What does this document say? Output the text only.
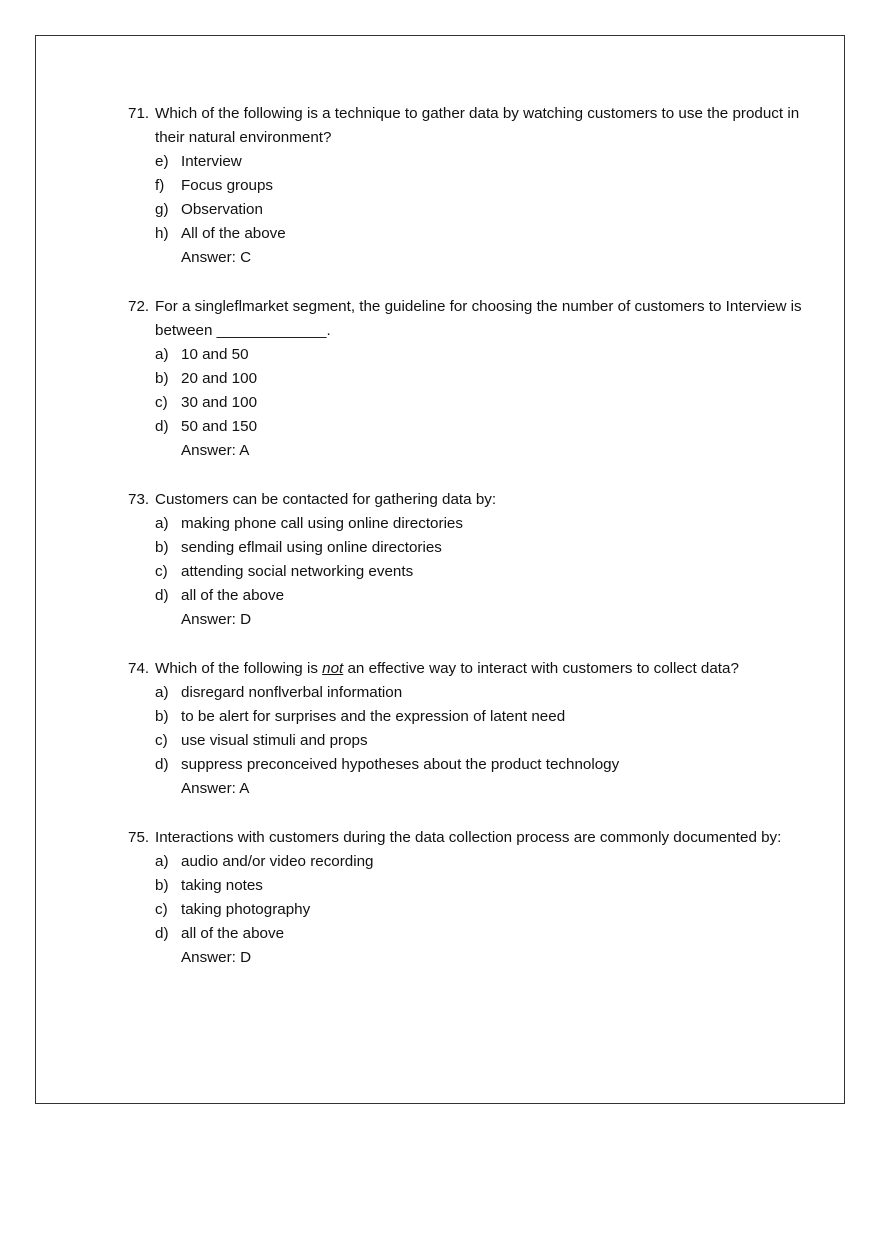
71. Which of the following is a technique to gather data by watching customers to use the product in their natural environment?
e) Interview
f) Focus groups
g) Observation
h) All of the above
Answer: C
72. For a singleflmarket segment, the guideline for choosing the number of customers to Interview is between _____________.
a) 10 and 50
b) 20 and 100
c) 30 and 100
d) 50 and 150
Answer: A
73. Customers can be contacted for gathering data by:
a) making phone call using online directories
b) sending eflmail using online directories
c) attending social networking events
d) all of the above
Answer: D
74. Which of the following is not an effective way to interact with customers to collect data?
a) disregard nonflverbal information
b) to be alert for surprises and the expression of latent need
c) use visual stimuli and props
d) suppress preconceived hypotheses about the product technology
Answer: A
75. Interactions with customers during the data collection process are commonly documented by:
a) audio and/or video recording
b) taking notes
c) taking photography
d) all of the above
Answer: D
